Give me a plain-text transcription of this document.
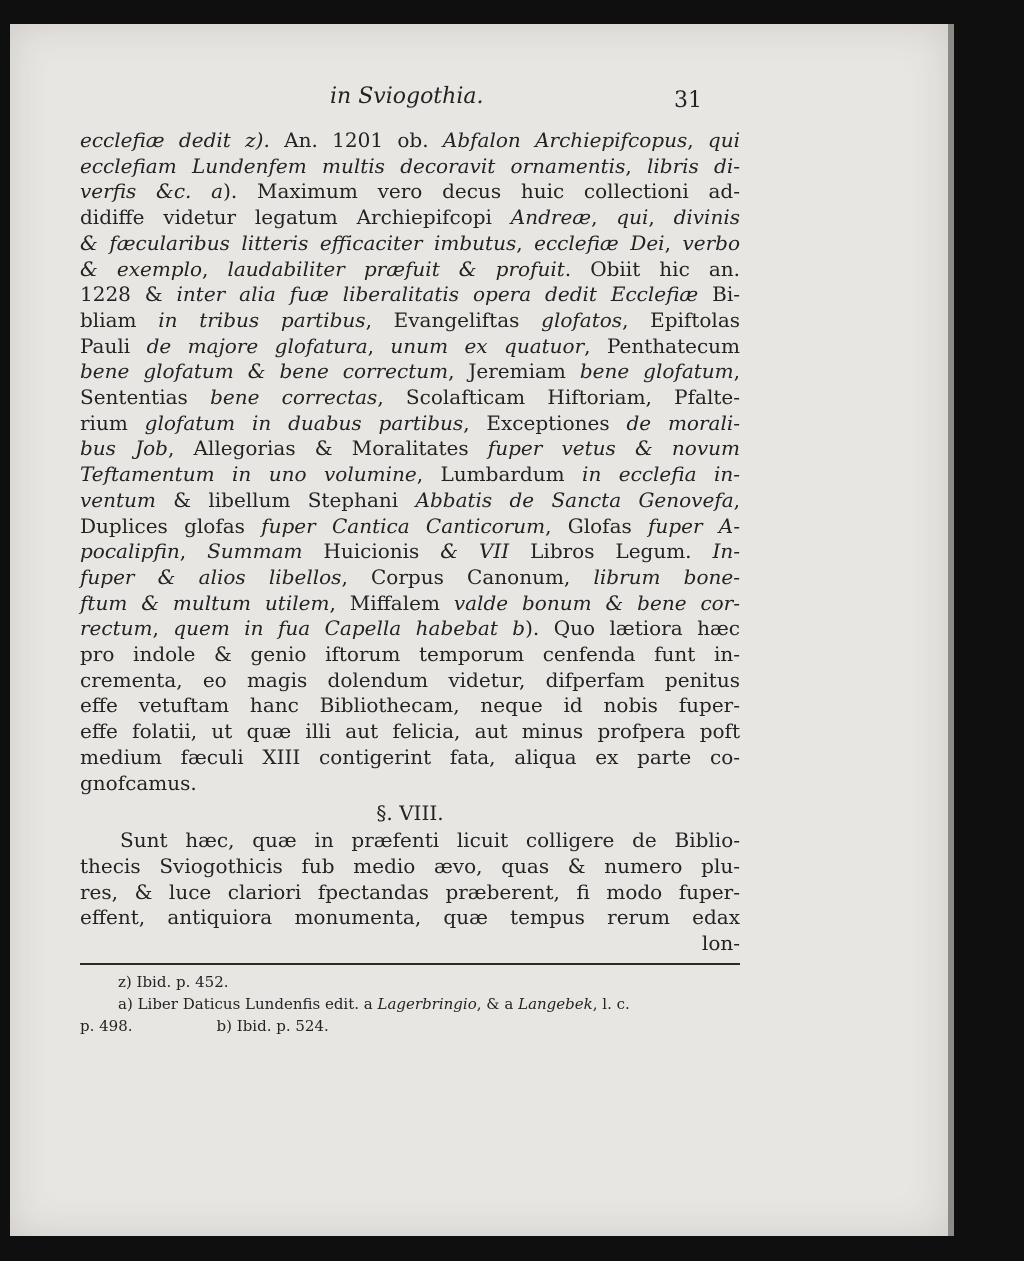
in Sviogothia.	31
ecclefiæ dedit z). An. 1201 ob. Abfalon Archiepifcopus, qui
ecclefiam Lundenfem multis decoravit ornamentis, libris di-
verfis &c. a). Maximum vero decus huic collectioni ad-
didiffe videtur legatum Archiepifcopi Andreæ, qui, divinis
& fæcularibus litteris efficaciter imbutus, ecclefiæ Dei, verbo
& exemplo, laudabiliter præfuit & profuit. Obiit hic an.
1228 & inter alia fuæ liberalitatis opera dedit Ecclefiæ Bi-
bliam in tribus partibus, Evangeliftas glofatos, Epiftolas
Pauli de majore glofatura, unum ex quatuor, Penthatecum
bene glofatum & bene correctum, Jeremiam bene glofatum,
Sententias bene correctas, Scolafticam Hiftoriam, Pfalte-
rium glofatum in duabus partibus, Exceptiones de morali-
bus Job, Allegorias & Moralitates fuper vetus & novum
Teftamentum in uno volumine, Lumbardum in ecclefia in-
ventum & libellum Stephani Abbatis de Sancta Genovefa,
Duplices glofas fuper Cantica Canticorum, Glofas fuper A-
pocalipfin, Summam Huicionis & VII Libros Legum. In-
fuper & alios libellos, Corpus Canonum, librum bone-
ftum & multum utilem, Miffalem valde bonum & bene cor-
rectum, quem in fua Capella habebat b). Quo lætiora hæc
pro indole & genio iftorum temporum cenfenda funt in-
crementa, eo magis dolendum videtur, difperfam penitus
effe vetuftam hanc Bibliothecam, neque id nobis fuper-
effe folatii, ut quæ illi aut felicia, aut minus profpera poft
medium fæculi XIII contigerint fata, aliqua ex parte co-
gnofcamus.
§. VIII.
Sunt hæc, quæ in præfenti licuit colligere de Biblio-
thecis Sviogothicis fub medio ævo, quas & numero plu-
res, & luce clariori fpectandas præberent, fi modo fuper-
effent, antiquiora monumenta, quæ tempus rerum edax
lon-
z) Ibid. p. 452.
a) Liber Daticus Lundenfis edit. a Lagerbringio, & a Langebek, l. c.
p. 498.	b) Ibid. p. 524.
